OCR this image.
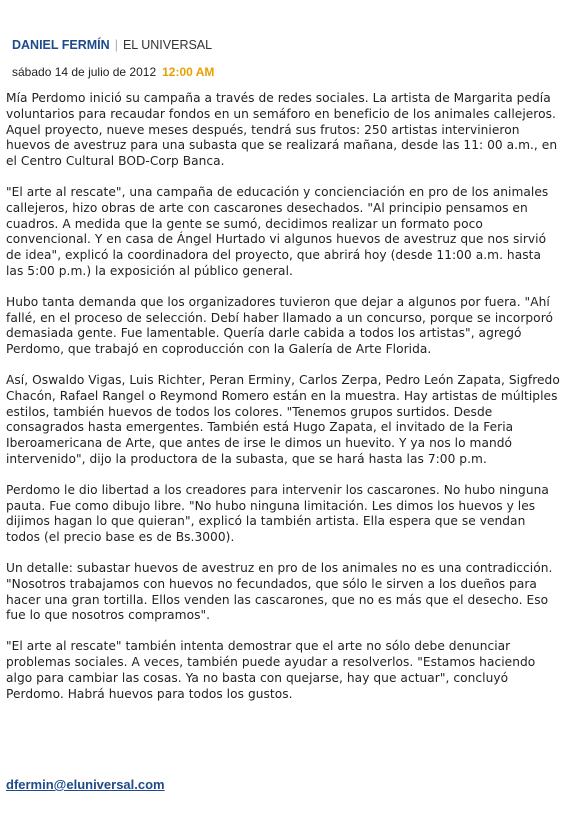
DANIEL FERMÍN | EL UNIVERSAL
sábado 14 de julio de 2012 12:00 AM

Mía Perdomo inició su campaña a través de redes sociales. La artista de Margarita pedía voluntarios para recaudar fondos en un semáforo en beneficio de los animales callejeros. Aquel proyecto, nueve meses después, tendrá sus frutos: 250 artistas intervinieron huevos de avestruz para una subasta que se realizará mañana, desde las 11: 00 a.m., en el Centro Cultural BOD-Corp Banca.

"El arte al rescate", una campaña de educación y concienciación en pro de los animales callejeros, hizo obras de arte con cascarones desechados. "Al principio pensamos en cuadros. A medida que la gente se sumó, decidimos realizar un formato poco convencional. Y en casa de Ángel Hurtado vi algunos huevos de avestruz que nos sirvió de idea", explicó la coordinadora del proyecto, que abrirá hoy (desde 11:00 a.m. hasta las 5:00 p.m.) la exposición al público general.

Hubo tanta demanda que los organizadores tuvieron que dejar a algunos por fuera. "Ahí fallé, en el proceso de selección. Debí haber llamado a un concurso, porque se incorporó demasiada gente. Fue lamentable. Quería darle cabida a todos los artistas", agregó Perdomo, que trabajó en coproducción con la Galería de Arte Florida.

Así, Oswaldo Vigas, Luis Richter, Peran Erminy, Carlos Zerpa, Pedro León Zapata, Sigfredo Chacón, Rafael Rangel o Reymond Romero están en la muestra. Hay artistas de múltiples estilos, también huevos de todos los colores. "Tenemos grupos surtidos. Desde consagrados hasta emergentes. También está Hugo Zapata, el invitado de la Feria Iberoamericana de Arte, que antes de irse le dimos un huevito. Y ya nos lo mandó intervenido", dijo la productora de la subasta, que se hará hasta las 7:00 p.m.

Perdomo le dio libertad a los creadores para intervenir los cascarones. No hubo ninguna pauta. Fue como dibujo libre. "No hubo ninguna limitación. Les dimos los huevos y les dijimos hagan lo que quieran", explicó la también artista. Ella espera que se vendan todos (el precio base es de Bs.3000).

Un detalle: subastar huevos de avestruz en pro de los animales no es una contradicción. "Nosotros trabajamos con huevos no fecundados, que sólo le sirven a los dueños para hacer una gran tortilla. Ellos venden las cascarones, que no es más que el desecho. Eso fue lo que nosotros compramos".

"El arte al rescate" también intenta demostrar que el arte no sólo debe denunciar problemas sociales. A veces, también puede ayudar a resolverlos. "Estamos haciendo algo para cambiar las cosas. Ya no basta con quejarse, hay que actuar", concluyó Perdomo. Habrá huevos para todos los gustos.

dfermin@eluniversal.com
